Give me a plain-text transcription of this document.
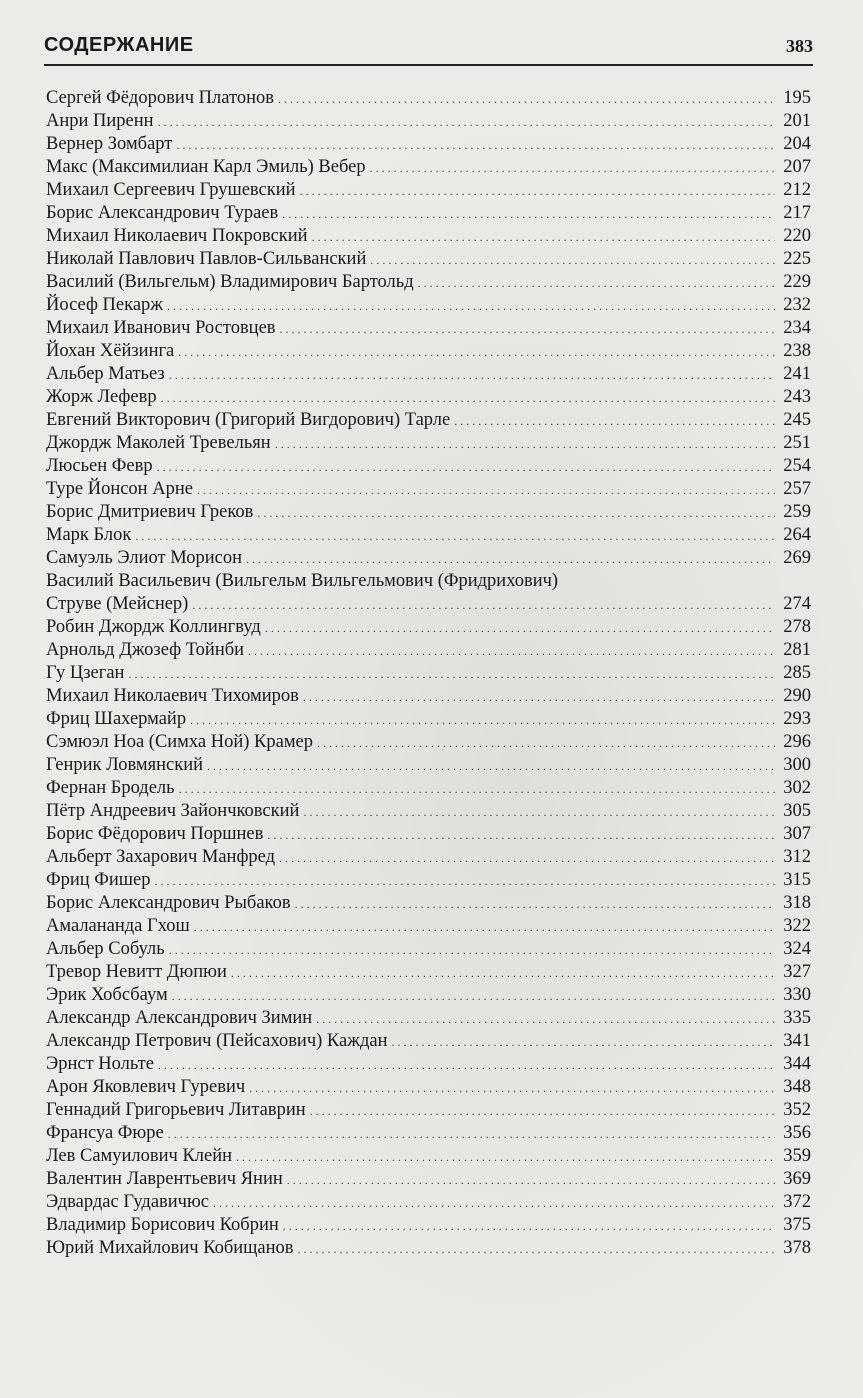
СОДЕРЖАНИЕ	383
Сергей Фёдорович Платонов . . .	195
Анри Пиренн . . .	201
Вернер Зомбарт . . .	204
Макс (Максимилиан Карл Эмиль) Вебер . . .	207
Михаил Сергеевич Грушевский . . .	212
Борис Александрович Тураев . . .	217
Михаил Николаевич Покровский . . .	220
Николай Павлович Павлов-Сильванский . . .	225
Василий (Вильгельм) Владимирович Бартольд . . .	229
Йосеф Пекарж . . .	232
Михаил Иванович Ростовцев . . .	234
Йохан Хёйзинга . . .	238
Альбер Матьез . . .	241
Жорж Лефевр . . .	243
Евгений Викторович (Григорий Вигдорович) Тарле . . .	245
Джордж Маколей Тревельян . . .	251
Люсьен Февр . . .	254
Туре Йонсон Арне . . .	257
Борис Дмитриевич Греков . . .	259
Марк Блок . . .	264
Самуэль Элиот Морисон . . .	269
Василий Васильевич (Вильгельм Вильгельмович (Фридрихович)
Струве (Мейснер) . . .	274
Робин Джордж Коллингвуд . . .	278
Арнольд Джозеф Тойнби . . .	281
Гу Цзеган . . .	285
Михаил Николаевич Тихомиров . . .	290
Фриц Шахермайр . . .	293
Сэмюэл Ноа (Симха Ной) Крамер . . .	296
Генрик Ловмянский . . .	300
Фернан Бродель . . .	302
Пётр Андреевич Зайончковский . . .	305
Борис Фёдорович Поршнев . . .	307
Альберт Захарович Манфред . . .	312
Фриц Фишер . . .	315
Борис Александрович Рыбаков . . .	318
Амалананда Гхош . . .	322
Альбер Собуль . . .	324
Тревор Невитт Дюпюи . . .	327
Эрик Хобсбаум . . .	330
Александр Александрович Зимин . . .	335
Александр Петрович (Пейсахович) Каждан . . .	341
Эрнст Нольте . . .	344
Арон Яковлевич Гуревич . . .	348
Геннадий Григорьевич Литаврин . . .	352
Франсуа Фюре . . .	356
Лев Самуилович Клейн . . .	359
Валентин Лаврентьевич Янин . . .	369
Эдвардас Гудавичюс . . .	372
Владимир Борисович Кобрин . . .	375
Юрий Михайлович Кобищанов . . .	378
